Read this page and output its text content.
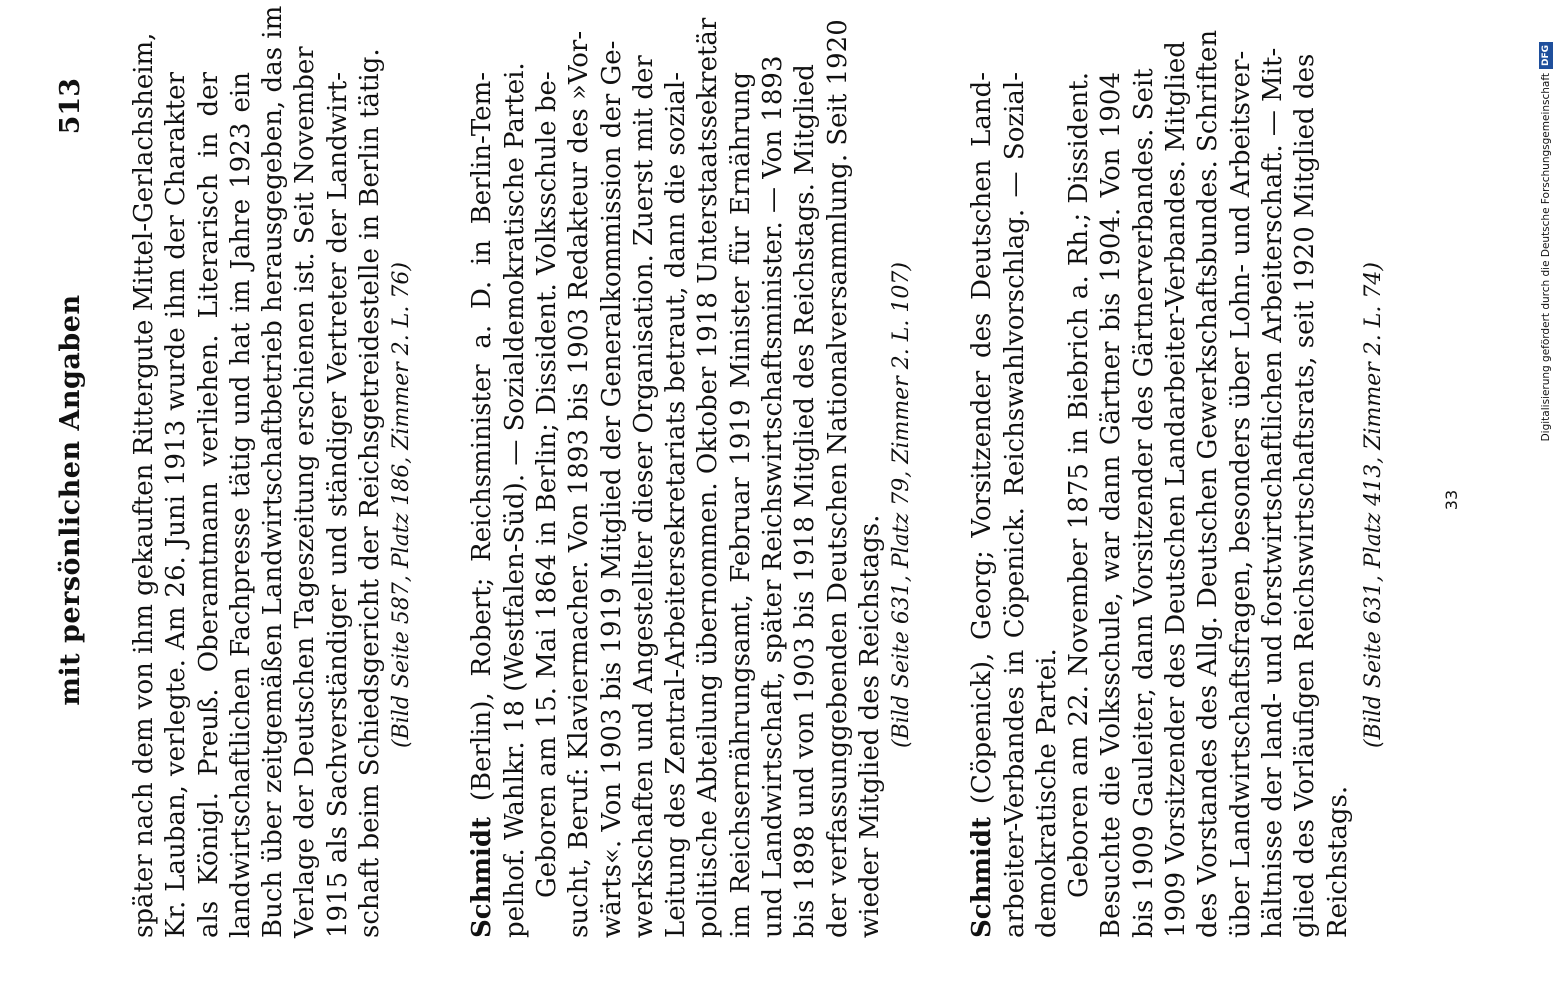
mit persönlichen Angaben
513 später nach dem von ihm gekauften Rittergute Mittel-Gerlachsheim, Kr. Lauban, verlegte. Am 26. Juni 1913 wurde ihm der Charakter als Königl. Preuß. Oberamtmann verliehen. Literarisch in der landwirtschaftlichen Fachpresse tätig und hat im Jahre 1923 ein Buch über zeitgemäßen Landwirtschaftbetrieb herausgegeben, das im Verlage der Deutschen Tageszeitung erschienen ist. Seit November 1915 als Sachverständiger und ständiger Vertreter der Landwirt- schaft beim Schiedsgericht der Reichsgetreidestelle in Berlin tätig. (Bild Seite 587, Platz 186, Zimmer 2. L. 76)

Schmidt (Berlin), Robert; Reichsminister a. D. in Berlin-Tem- pelhof. Wahlkr. 18 (Westfalen-Süd). — Sozialdemokratische Partei. Geboren am 15. Mai 1864 in Berlin; Dissident. Volksschule be- sucht, Beruf: Klaviermacher. Von 1893 bis 1903 Redakteur des »Vor- wärts«. Von 1903 bis 1919 Mitglied der Generalkommission der Ge- werkschaften und Angestellter dieser Organisation. Zuerst mit der Leitung des Zentral-Arbeitersekretariats betraut, dann die sozial- politische Abteilung übernommen. Oktober 1918 Unterstaatssekretär im Reichsernährungsamt, Februar 1919 Minister für Ernährung und Landwirtschaft, später Reichswirtschaftsminister. — Von 1893 bis 1898 und von 1903 bis 1918 Mitglied des Reichstags. Mitglied der verfassunggebenden Deutschen Nationalversammlung. Seit 1920 wieder Mitglied des Reichstags. (Bild Seite 631, Platz 79, Zimmer 2. L. 107)

Schmidt (Cöpenick), Georg; Vorsitzender des Deutschen Land- arbeiter-Verbandes in Cöpenick. Reichswahlvorschlag. — Sozial- demokratische Partei. Geboren am 22. November 1875 in Biebrich a. Rh.; Dissident. Besuchte die Volksschule, war dann Gärtner bis 1904. Von 1904 bis 1909 Gauleiter, dann Vorsitzender des Gärtnerverbandes. Seit 1909 Vorsitzender des Deutschen Landarbeiter-Verbandes. Mitglied des Vorstandes des Allg. Deutschen Gewerkschaftsbundes. Schriften über Landwirtschaftsfragen, besonders über Lohn- und Arbeitsver- hältnisse der land- und forstwirtschaftlichen Arbeiterschaft. — Mit- glied des Vorläufigen Reichswirtschaftsrats, seit 1920 Mitglied des Reichstags.

(Bild Seite 631, Platz 413, Zimmer 2. L. 74)	33
Digitalisierung gefördert durch die Deutsche Forschungsgemeinschaft
DFG
